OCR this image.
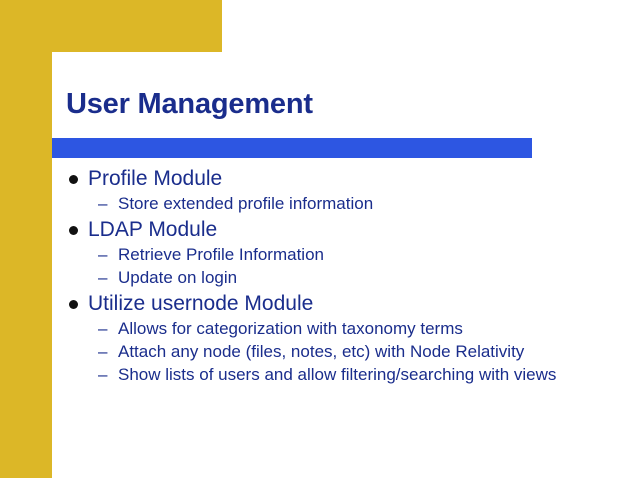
User Management
Profile Module
– Store extended profile information
LDAP Module
– Retrieve Profile Information
– Update on login
Utilize usernode Module
– Allows for categorization with taxonomy terms
– Attach any node (files, notes, etc) with Node Relativity
– Show lists of users and allow filtering/searching with views
